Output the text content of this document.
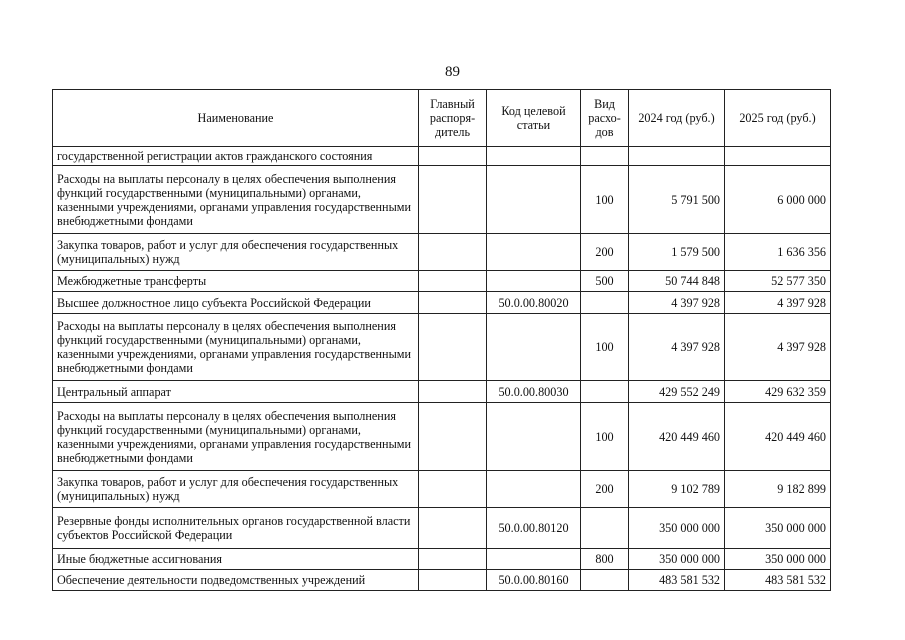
89
Наименование	Главный распоря-дитель	Код целевой статьи	Вид расхо-дов	2024 год (руб.)	2025 год (руб.)
государственной регистрации актов гражданского состояния					
Расходы на выплаты персоналу в целях обеспечения выполнения функций государственными (муниципальными) органами, казенными учреждениями, органами управления государственными внебюджетными фондами			100	5 791 500	6 000 000
Закупка товаров, работ и услуг для обеспечения государственных (муниципальных) нужд			200	1 579 500	1 636 356
Межбюджетные трансферты			500	50 744 848	52 577 350
Высшее должностное лицо субъекта Российской Федерации		50.0.00.80020		4 397 928	4 397 928
Расходы на выплаты персоналу в целях обеспечения выполнения функций государственными (муниципальными) органами, казенными учреждениями, органами управления государственными внебюджетными фондами			100	4 397 928	4 397 928
Центральный аппарат		50.0.00.80030		429 552 249	429 632 359
Расходы на выплаты персоналу в целях обеспечения выполнения функций государственными (муниципальными) органами, казенными учреждениями, органами управления государственными внебюджетными фондами			100	420 449 460	420 449 460
Закупка товаров, работ и услуг для обеспечения государственных (муниципальных) нужд			200	9 102 789	9 182 899
Резервные фонды исполнительных органов государственной власти субъектов Российской Федерации		50.0.00.80120		350 000 000	350 000 000
Иные бюджетные ассигнования			800	350 000 000	350 000 000
Обеспечение деятельности подведомственных учреждений		50.0.00.80160		483 581 532	483 581 532
